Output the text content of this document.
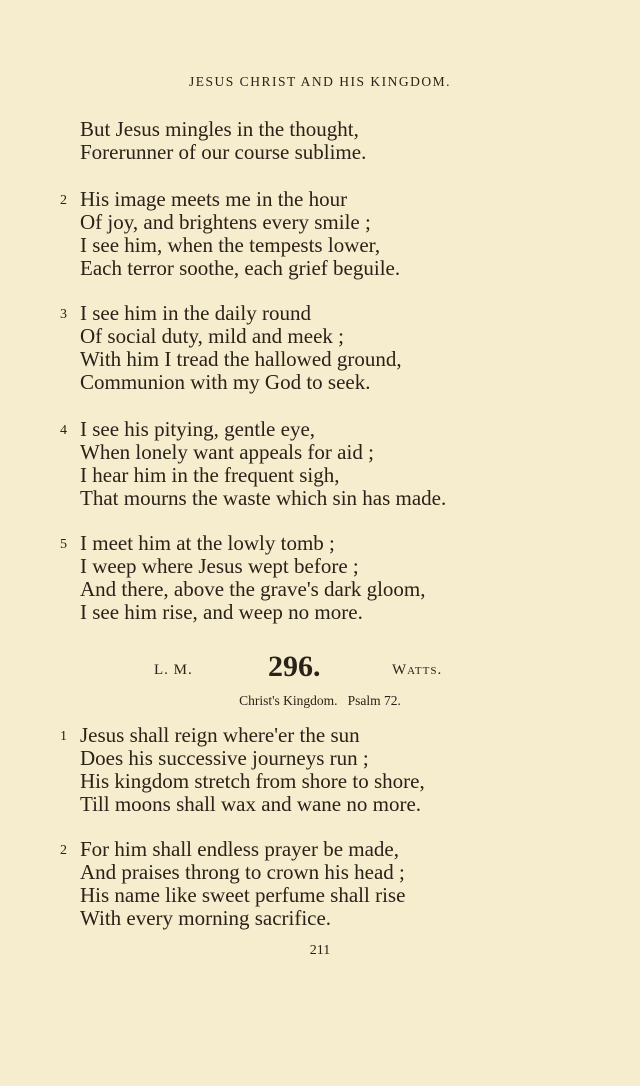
JESUS CHRIST AND HIS KINGDOM.
But Jesus mingles in the thought,
Forerunner of our course sublime.
2 His image meets me in the hour
Of joy, and brightens every smile ;
I see him, when the tempests lower,
Each terror soothe, each grief beguile.
3 I see him in the daily round
Of social duty, mild and meek ;
With him I tread the hallowed ground,
Communion with my God to seek.
4 I see his pitying, gentle eye,
When lonely want appeals for aid ;
I hear him in the frequent sigh,
That mourns the waste which sin has made.
5 I meet him at the lowly tomb ;
I weep where Jesus wept before ;
And there, above the grave's dark gloom,
I see him rise, and weep no more.
L. M.	296.	Watts.
Christ's Kingdom.   Psalm 72.
1 Jesus shall reign where'er the sun
Does his successive journeys run ;
His kingdom stretch from shore to shore,
Till moons shall wax and wane no more.
2 For him shall endless prayer be made,
And praises throng to crown his head ;
His name like sweet perfume shall rise
With every morning sacrifice.
211
